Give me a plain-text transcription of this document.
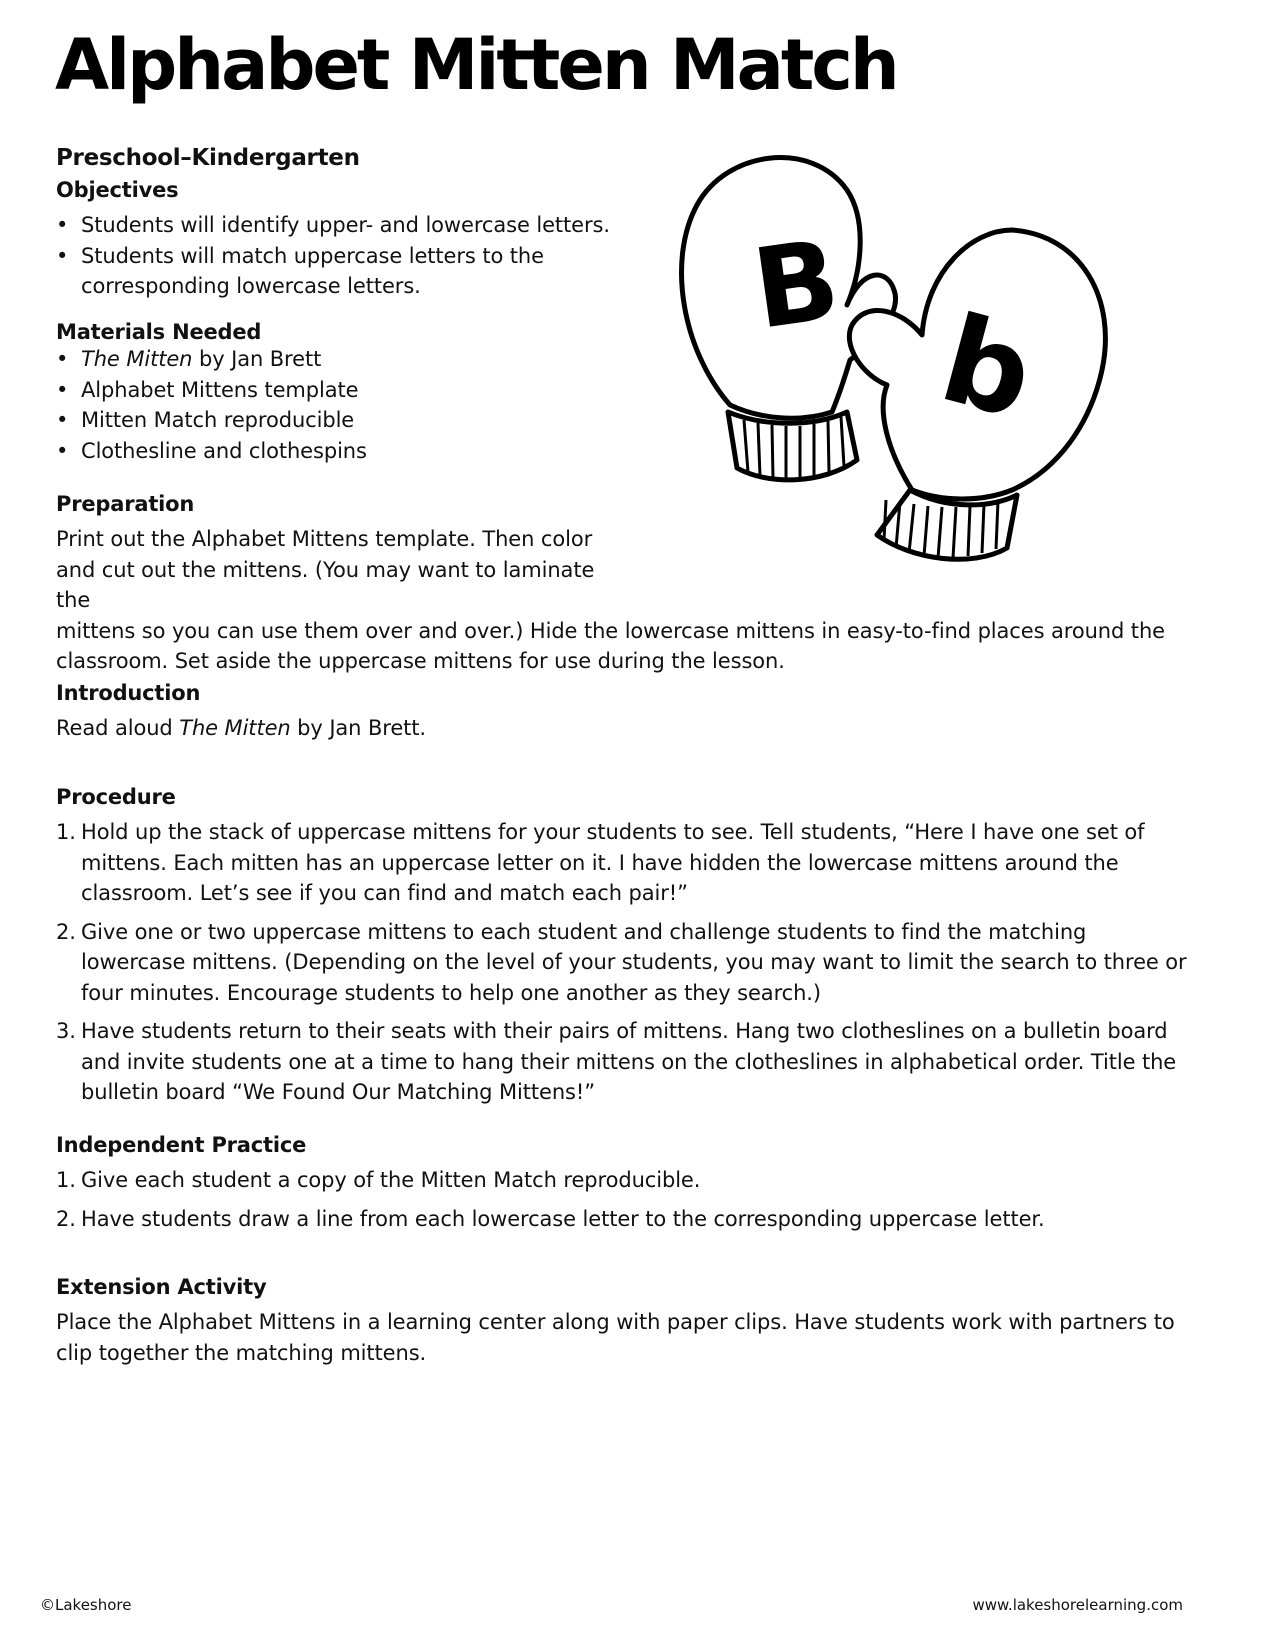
Alphabet Mitten Match
Preschool–Kindergarten
B
b

Objectives

• Students will identify upper- and lowercase letters.
• Students will match uppercase letters to the corresponding lowercase letters.

Materials Needed

• The Mitten by Jan Brett
• Alphabet Mittens template
• Mitten Match reproducible
• Clothesline and clothespins

Preparation

Print out the Alphabet Mittens template. Then color and cut out the mittens. (You may want to laminate the

mittens so you can use them over and over.) Hide the lowercase mittens in easy-to-find places around the classroom. Set aside the uppercase mittens for use during the lesson.

Introduction

Read aloud The Mitten by Jan Brett.

Procedure

1. Hold up the stack of uppercase mittens for your students to see. Tell students, “Here I have one set of mittens. Each mitten has an uppercase letter on it. I have hidden the lowercase mittens around the classroom. Let’s see if you can find and match each pair!”
2. Give one or two uppercase mittens to each student and challenge students to find the matching lowercase mittens. (Depending on the level of your students, you may want to limit the search to three or four minutes. Encourage students to help one another as they search.)
3. Have students return to their seats with their pairs of mittens. Hang two clotheslines on a bulletin board and invite students one at a time to hang their mittens on the clotheslines in alphabetical order. Title the bulletin board “We Found Our Matching Mittens!”

Independent Practice

1. Give each student a copy of the Mitten Match reproducible.
2. Have students draw a line from each lowercase letter to the corresponding uppercase letter.

Extension Activity

Place the Alphabet Mittens in a learning center along with paper clips. Have students work with partners to clip together the matching mittens.

©Lakeshore	www.lakeshorelearning.com
